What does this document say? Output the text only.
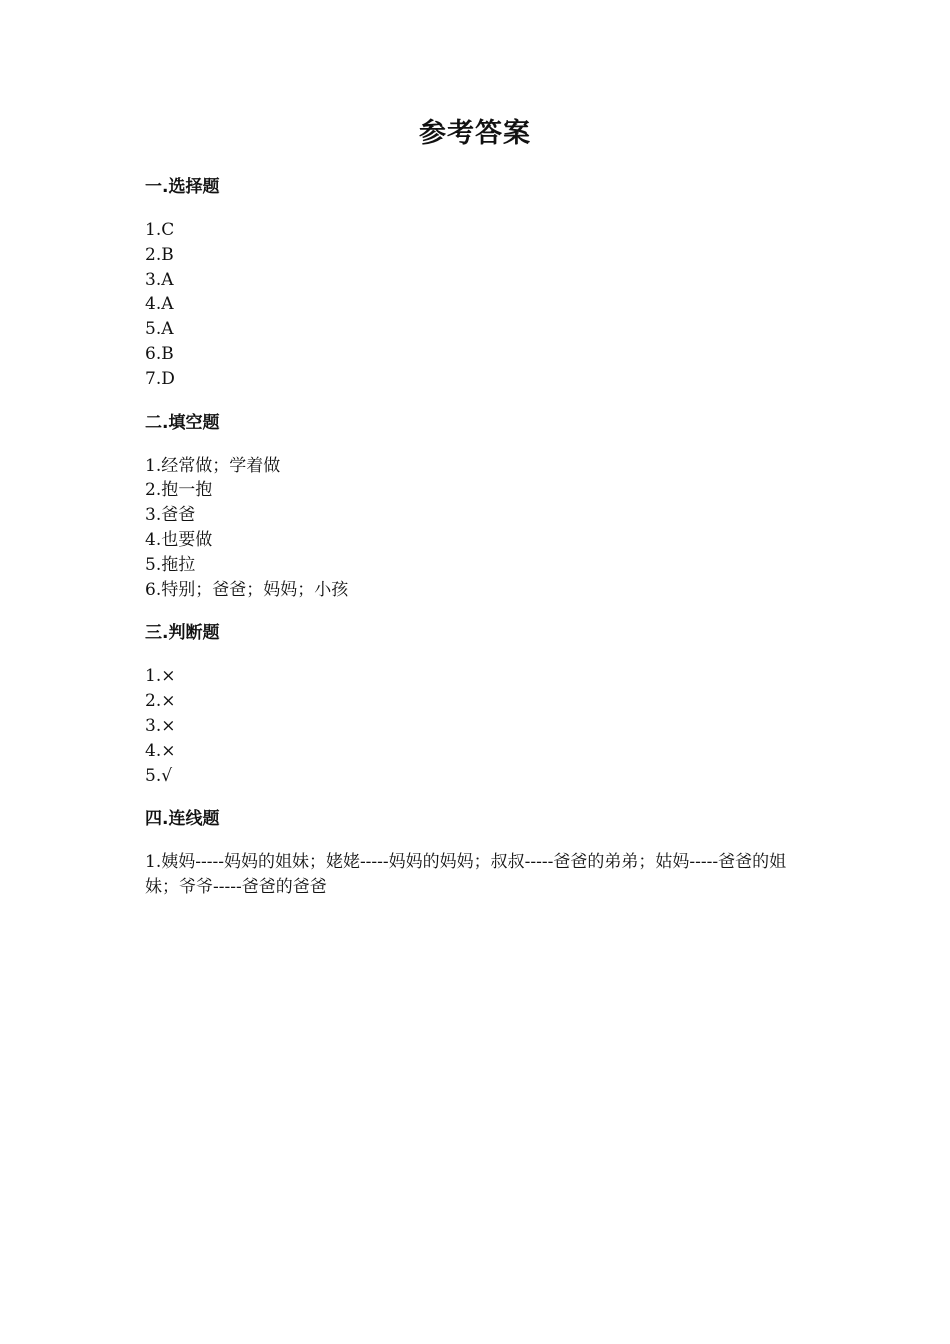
参考答案
一.选择题
1.C
2.B
3.A
4.A
5.A
6.B
7.D
二.填空题
1.经常做；学着做
2.抱一抱
3.爸爸
4.也要做
5.拖拉
6.特别；爸爸；妈妈；小孩
三.判断题
1.×
2.×
3.×
4.×
5.√
四.连线题
1.姨妈-----妈妈的姐妹；姥姥-----妈妈的妈妈；叔叔-----爸爸的弟弟；姑妈-----爸爸的姐妹；爷爷-----爸爸的爸爸
